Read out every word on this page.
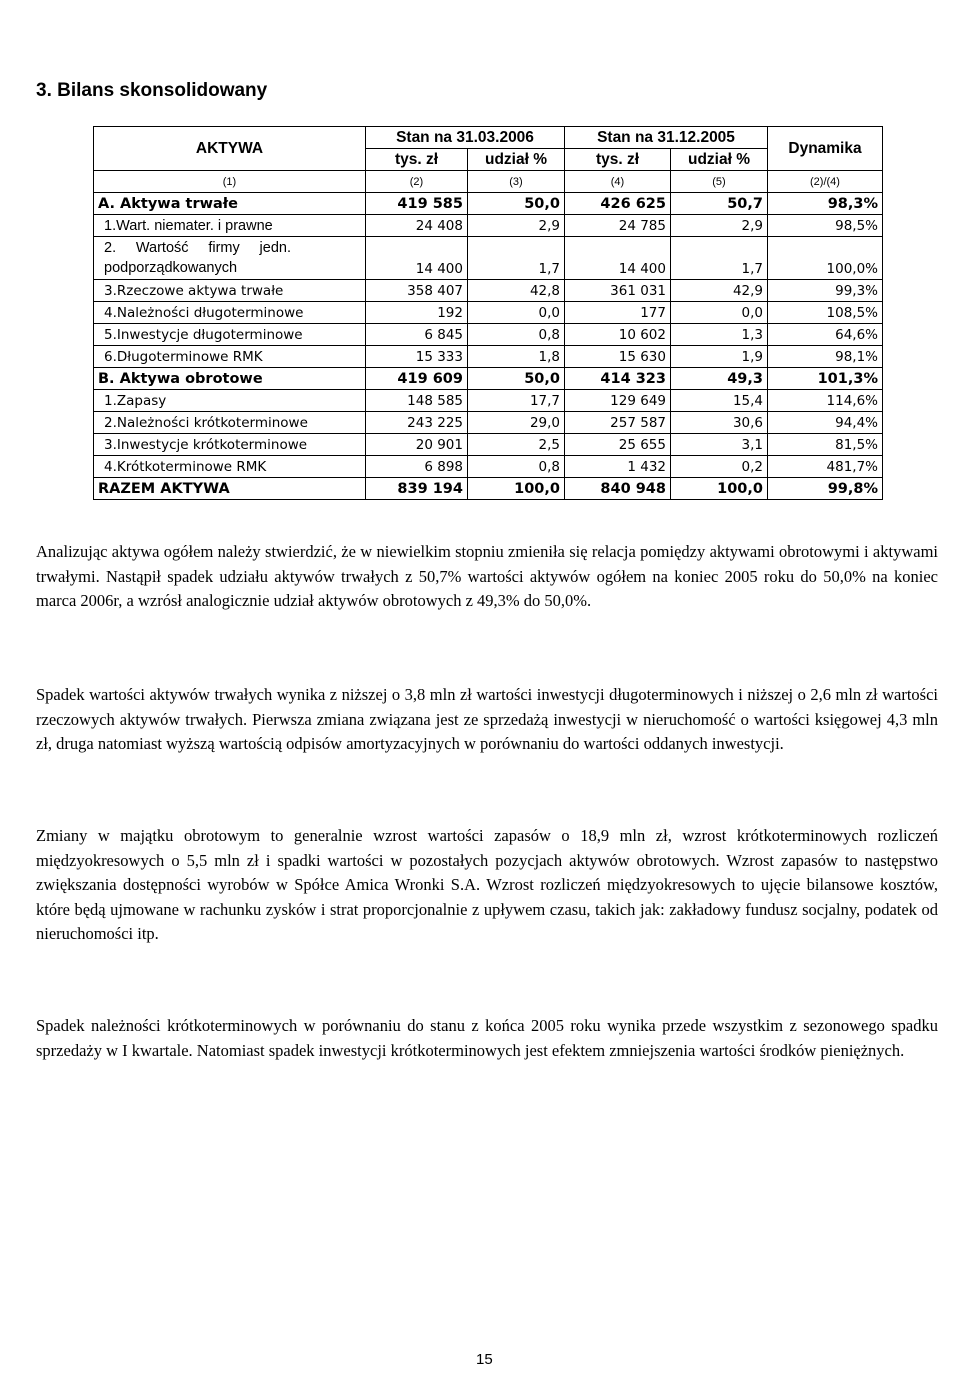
3. Bilans skonsolidowany
AKTYWA	Stan na 31.03.2006		Stan na 31.12.2005		Dynamika
	tys. zł	udział %	tys. zł	udział %	
(1)	(2)	(3)	(4)	(5)	(2)/(4)
A. Aktywa trwałe	419 585	50,0	426 625	50,7	98,3%
1.Wart. niemater. i prawne	24 408	2,9	24 785	2,9	98,5%

2. Wartość firmy jedn.
podporządkowanych	14 400	1,7	14 400	1,7	100,0%
3.Rzeczowe aktywa trwałe	358 407	42,8	361 031	42,9	99,3%
4.Należności długoterminowe	192	0,0	177	0,0	108,5%
5.Inwestycje długoterminowe	6 845	0,8	10 602	1,3	64,6%
6.Długoterminowe RMK	15 333	1,8	15 630	1,9	98,1%
B. Aktywa obrotowe	419 609	50,0	414 323	49,3	101,3%
1.Zapasy	148 585	17,7	129 649	15,4	114,6%
2.Należności krótkoterminowe	243 225	29,0	257 587	30,6	94,4%
3.Inwestycje krótkoterminowe	20 901	2,5	25 655	3,1	81,5%
4.Krótkoterminowe RMK	6 898	0,8	1 432	0,2	481,7%
RAZEM AKTYWA	839 194	100,0	840 948	100,0	99,8%

Analizując aktywa ogółem należy stwierdzić, że w niewielkim stopniu zmieniła się relacja pomiędzy aktywami obrotowymi i aktywami trwałymi. Nastąpił spadek udziału aktywów trwałych z 50,7% wartości aktywów ogółem na koniec 2005 roku do 50,0% na koniec marca 2006r, a wzrósł analogicznie udział aktywów obrotowych z 49,3% do 50,0%.

Spadek wartości aktywów trwałych wynika z niższej o 3,8 mln zł wartości inwestycji długoterminowych i niższej o 2,6 mln zł wartości rzeczowych aktywów trwałych. Pierwsza zmiana związana jest ze sprzedażą inwestycji w nieruchomość o wartości księgowej 4,3 mln zł, druga natomiast wyższą wartością odpisów amortyzacyjnych w porównaniu do wartości oddanych inwestycji.

Zmiany w majątku obrotowym to generalnie wzrost wartości zapasów o 18,9 mln zł, wzrost krótkoterminowych rozliczeń międzyokresowych o 5,5 mln zł i spadki wartości w pozostałych pozycjach aktywów obrotowych. Wzrost zapasów to następstwo zwiększania dostępności wyrobów w Spółce Amica Wronki S.A. Wzrost rozliczeń międzyokresowych to ujęcie bilansowe kosztów, które będą ujmowane w rachunku zysków i strat proporcjonalnie z upływem czasu, takich jak: zakładowy fundusz socjalny, podatek od nieruchomości itp.

Spadek należności krótkoterminowych w porównaniu do stanu z końca 2005 roku wynika przede wszystkim z sezonowego spadku sprzedaży w I kwartale. Natomiast spadek inwestycji krótkoterminowych jest efektem zmniejszenia wartości środków pieniężnych.

15
